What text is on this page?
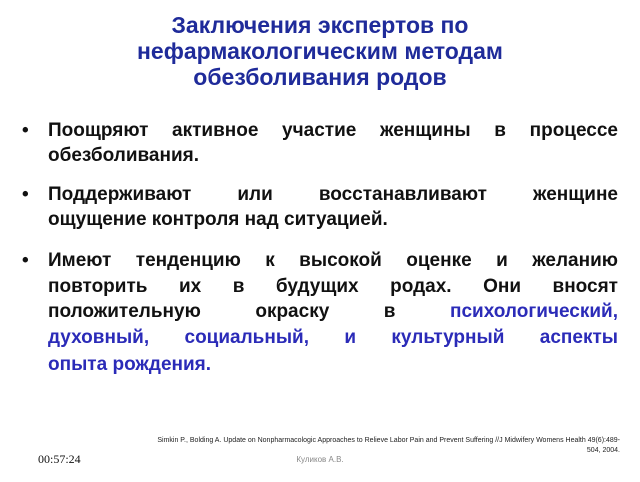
Заключения экспертов по
нефармакологическим методам
обезболивания родов
• Поощряют активное участие женщины в процессе
обезболивания.
• Поддерживают или восстанавливают женщине
ощущение контроля над ситуацией.
• Имеют тенденцию к высокой оценке и желанию
повторить их в будущих родах. Они вносят
положительную окраску в психологический,
духовный, социальный, и культурный аспекты
опыта рождения.
Simkin P., Bolding A. Update on Nonpharmacologic Approaches to Relieve Labor Pain and Prevent Suffering //J Midwifery Womens Health 49(6):489-
504, 2004.
00:57:24	Куликов А.В.
